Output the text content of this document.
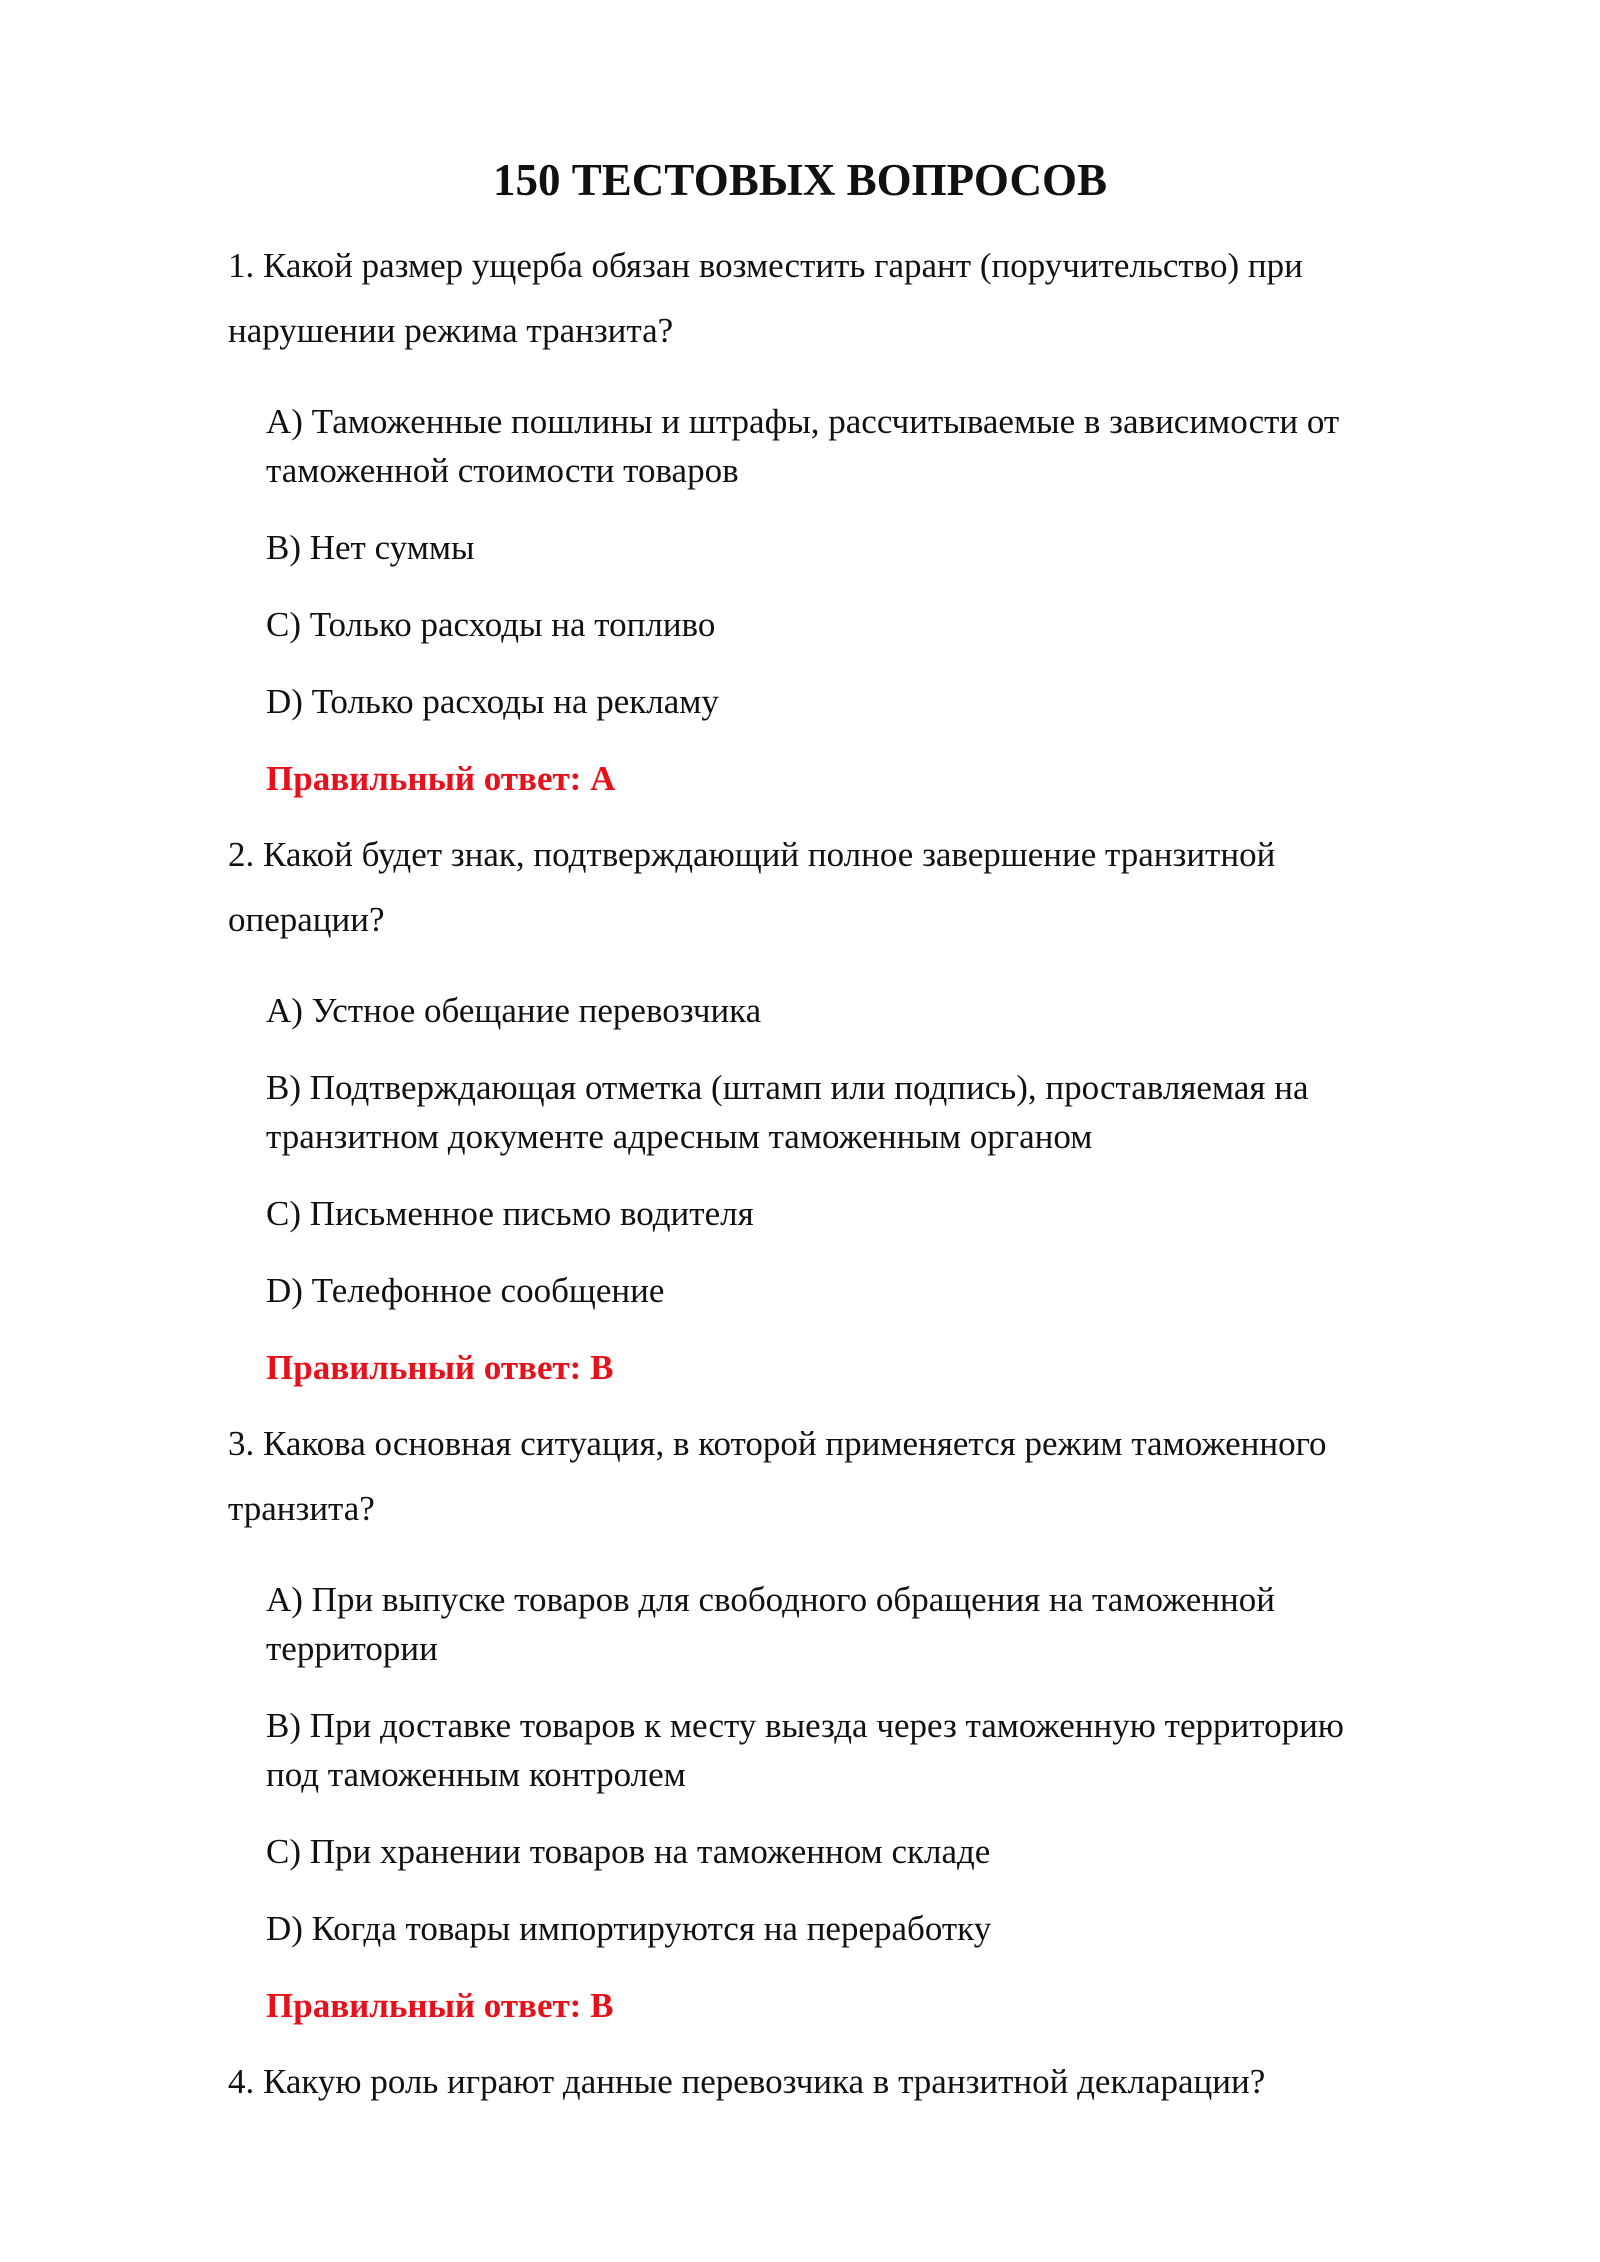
150 ТЕСТОВЫХ ВОПРОСОВ
1. Какой размер ущерба обязан возместить гарант (поручительство) при
нарушении режима транзита?
A) Таможенные пошлины и штрафы, рассчитываемые в зависимости от
таможенной стоимости товаров
B) Нет суммы
C) Только расходы на топливо
D) Только расходы на рекламу
Правильный ответ: A
2. Какой будет знак, подтверждающий полное завершение транзитной
операции?
A) Устное обещание перевозчика
B) Подтверждающая отметка (штамп или подпись), проставляемая на
транзитном документе адресным таможенным органом
C) Письменное письмо водителя
D) Телефонное сообщение
Правильный ответ: B
3. Какова основная ситуация, в которой применяется режим таможенного
транзита?
A) При выпуске товаров для свободного обращения на таможенной
территории
B) При доставке товаров к месту выезда через таможенную территорию
под таможенным контролем
C) При хранении товаров на таможенном складе
D) Когда товары импортируются на переработку
Правильный ответ: B
4. Какую роль играют данные перевозчика в транзитной декларации?
